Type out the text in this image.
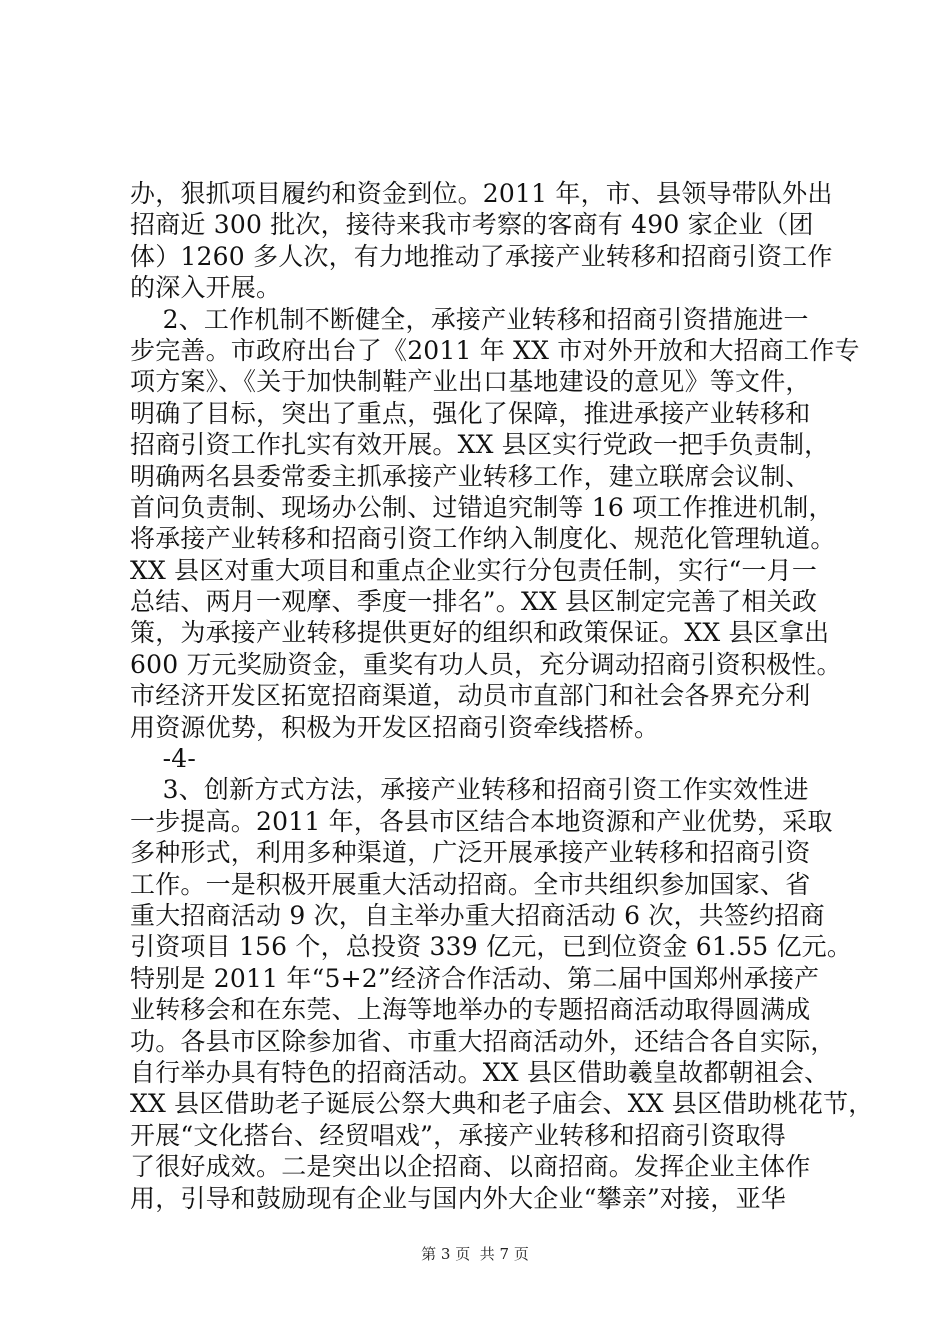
办，狠抓项目履约和资金到位。2011 年，市、县领导带队外出
招商近 300 批次，接待来我市考察的客商有 490 家企业（团
体）1260 多人次，有力地推动了承接产业转移和招商引资工作
的深入开展。
2、工作机制不断健全，承接产业转移和招商引资措施进一
步完善。市政府出台了《2011 年 XX 市对外开放和大招商工作专
项方案》、《关于加快制鞋产业出口基地建设的意见》等文件，
明确了目标，突出了重点，强化了保障，推进承接产业转移和
招商引资工作扎实有效开展。XX 县区实行党政一把手负责制，
明确两名县委常委主抓承接产业转移工作，建立联席会议制、
首问负责制、现场办公制、过错追究制等 16 项工作推进机制，
将承接产业转移和招商引资工作纳入制度化、规范化管理轨道。
XX 县区对重大项目和重点企业实行分包责任制，实行“一月一
总结、两月一观摩、季度一排名”。XX 县区制定完善了相关政
策，为承接产业转移提供更好的组织和政策保证。XX 县区拿出
600 万元奖励资金，重奖有功人员，充分调动招商引资积极性。
市经济开发区拓宽招商渠道，动员市直部门和社会各界充分利
用资源优势，积极为开发区招商引资牵线搭桥。
-4-
3、创新方式方法，承接产业转移和招商引资工作实效性进
一步提高。2011 年，各县市区结合本地资源和产业优势，采取
多种形式，利用多种渠道，广泛开展承接产业转移和招商引资
工作。一是积极开展重大活动招商。全市共组织参加国家、省
重大招商活动 9 次，自主举办重大招商活动 6 次，共签约招商
引资项目 156 个，总投资 339 亿元，已到位资金 61.55 亿元。
特别是 2011 年“5+2”经济合作活动、第二届中国郑州承接产
业转移会和在东莞、上海等地举办的专题招商活动取得圆满成
功。各县市区除参加省、市重大招商活动外，还结合各自实际，
自行举办具有特色的招商活动。XX 县区借助羲皇故都朝祖会、
XX 县区借助老子诞辰公祭大典和老子庙会、XX 县区借助桃花节，
开展“文化搭台、经贸唱戏”，承接产业转移和招商引资取得
了很好成效。二是突出以企招商、以商招商。发挥企业主体作
用，引导和鼓励现有企业与国内外大企业“攀亲”对接，亚华
第 3 页  共 7 页
